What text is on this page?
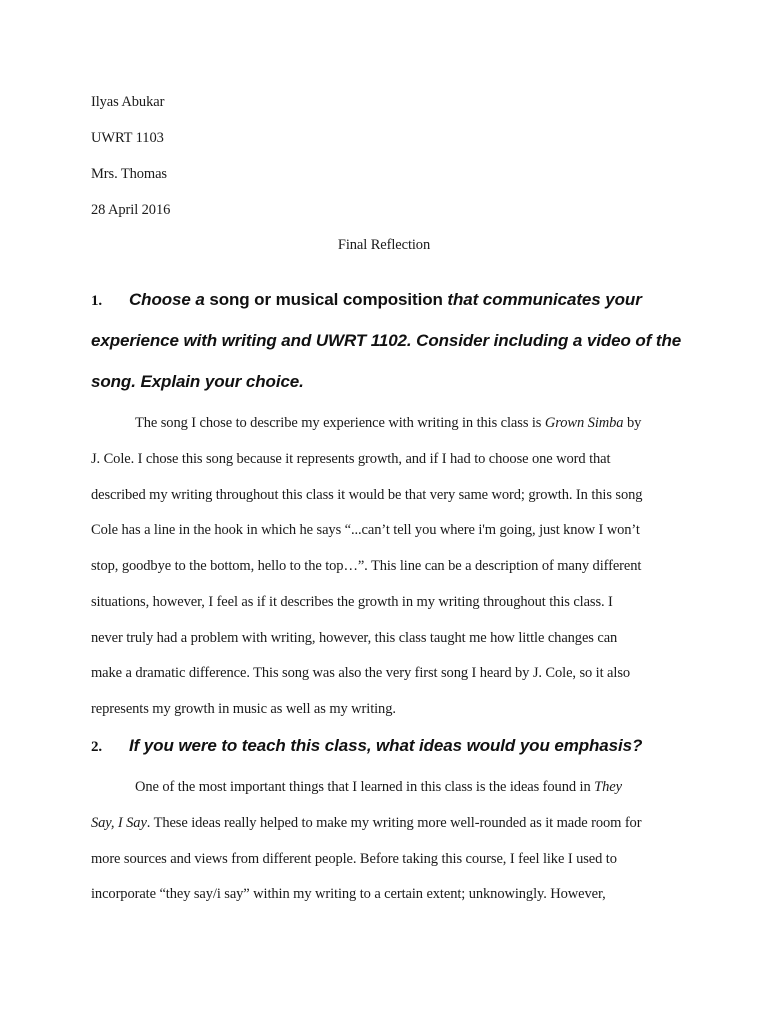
Ilyas Abukar
UWRT 1103
Mrs. Thomas
28 April 2016
Final Reflection
1. Choose a song or musical composition that communicates your
experience with writing and UWRT 1102. Consider including a video of the
song. Explain your choice.
The song I chose to describe my experience with writing in this class is Grown Simba by
J. Cole. I chose this song because it represents growth, and if I had to choose one word that
described my writing throughout this class it would be that very same word; growth. In this song
Cole has a line in the hook in which he says “...can’t tell you where i'm going, just know I won’t
stop, goodbye to the bottom, hello to the top…”. This line can be a description of many different
situations, however, I feel as if it describes the growth in my writing throughout this class. I
never truly had a problem with writing, however, this class taught me how little changes can
make a dramatic difference. This song was also the very first song I heard by J. Cole, so it also
represents my growth in music as well as my writing.
2. If you were to teach this class, what ideas would you emphasis?
One of the most important things that I learned in this class is the ideas found in They
Say, I Say. These ideas really helped to make my writing more well-rounded as it made room for
more sources and views from different people. Before taking this course, I feel like I used to
incorporate “they say/i say” within my writing to a certain extent; unknowingly. However,
